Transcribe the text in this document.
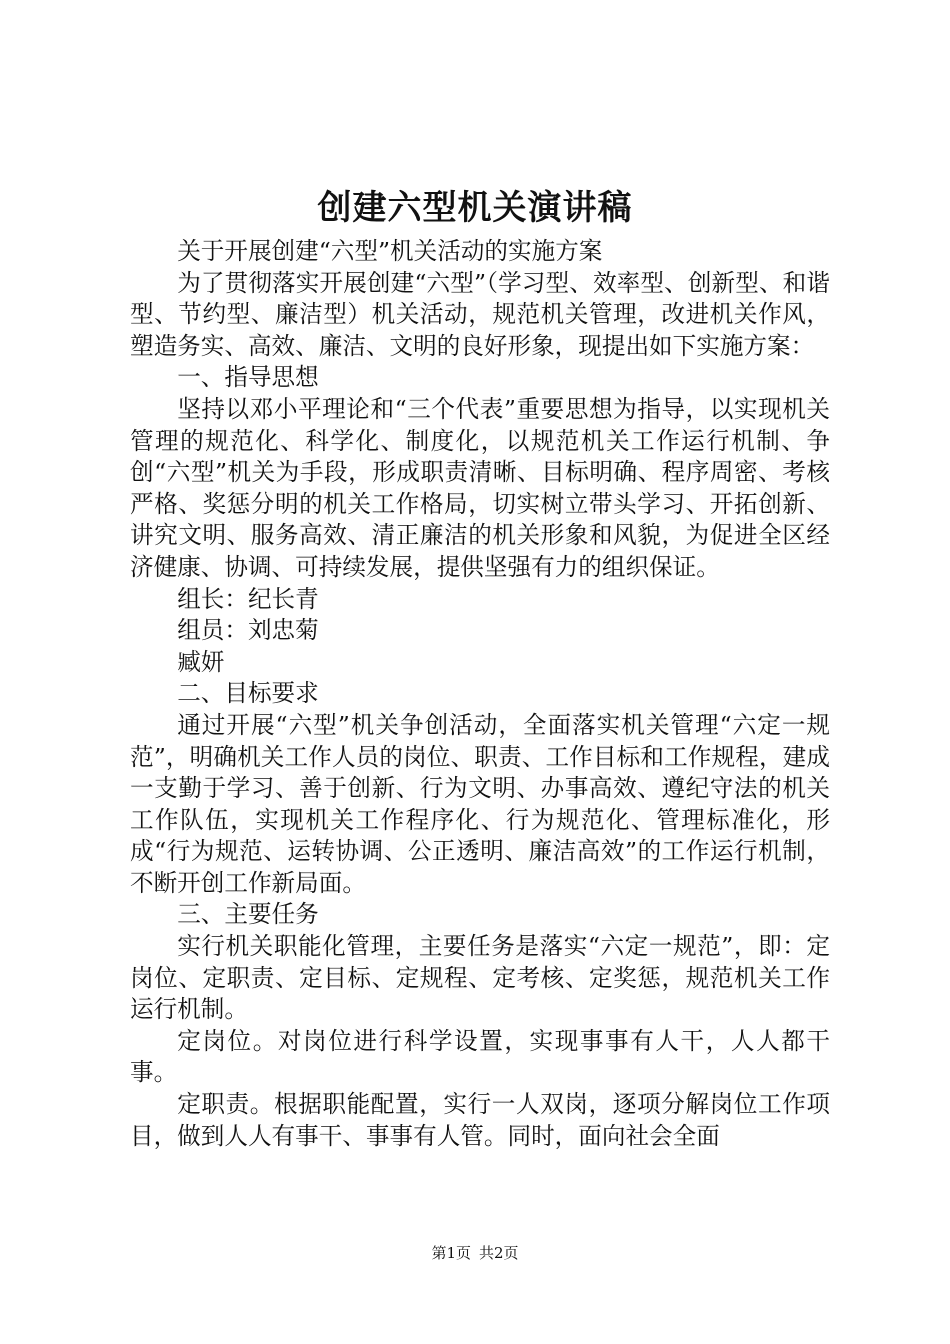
创建六型机关演讲稿

关于开展创建“六型”机关活动的实施方案

为了贯彻落实开展创建“六型”（学习型、效率型、创新型、和谐型、节约型、廉洁型）机关活动，规范机关管理，改进机关作风，塑造务实、高效、廉洁、文明的良好形象，现提出如下实施方案：

一、指导思想

坚持以邓小平理论和“三个代表”重要思想为指导，以实现机关管理的规范化、科学化、制度化，以规范机关工作运行机制、争创“六型”机关为手段，形成职责清晰、目标明确、程序周密、考核严格、奖惩分明的机关工作格局，切实树立带头学习、开拓创新、讲究文明、服务高效、清正廉洁的机关形象和风貌，为促进全区经济健康、协调、可持续发展，提供坚强有力的组织保证。

组长：纪长青

组员：刘忠菊

臧妍

二、目标要求

通过开展“六型”机关争创活动，全面落实机关管理“六定一规范”，明确机关工作人员的岗位、职责、工作目标和工作规程，建成一支勤于学习、善于创新、行为文明、办事高效、遵纪守法的机关工作队伍，实现机关工作程序化、行为规范化、管理标准化，形成“行为规范、运转协调、公正透明、廉洁高效”的工作运行机制，不断开创工作新局面。

三、主要任务

实行机关职能化管理，主要任务是落实“六定一规范”，即：定岗位、定职责、定目标、定规程、定考核、定奖惩，规范机关工作运行机制。

定岗位。对岗位进行科学设置，实现事事有人干，人人都干事。

定职责。根据职能配置，实行一人双岗，逐项分解岗位工作项目，做到人人有事干、事事有人管。同时，面向社会全面

第1页 共2页
